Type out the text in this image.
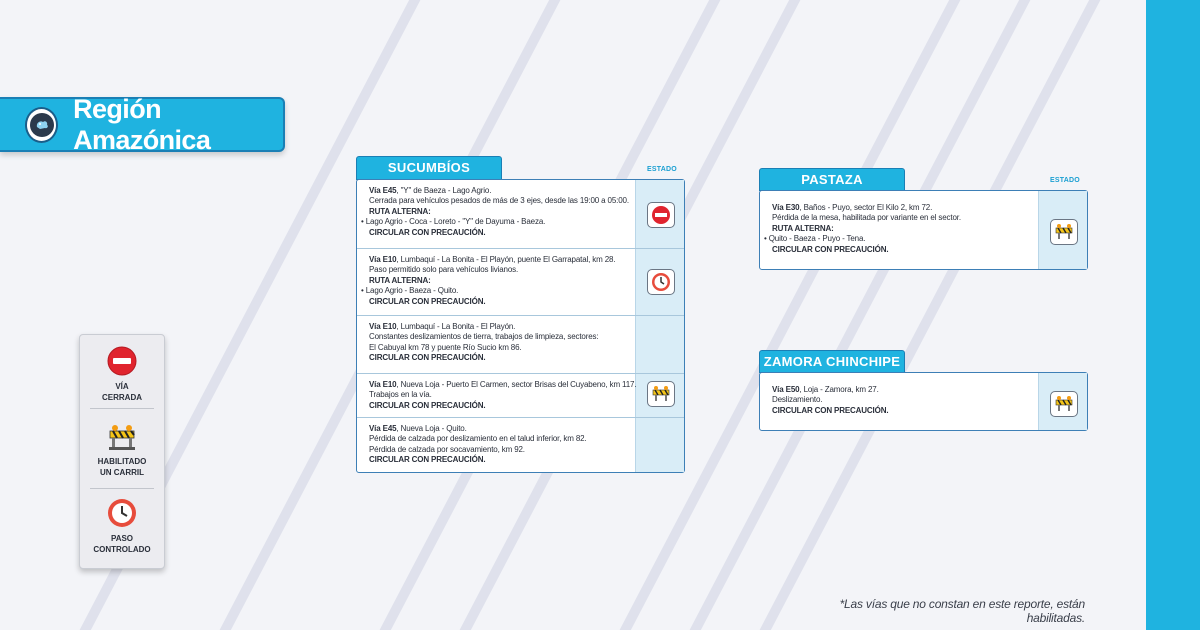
Región Amazónica
VÍA
CERRADA
HABILITADO
UN CARRIL
PASO
CONTROLADO
SUCUMBÍOS	ESTADO
Vía E45, "Y" de Baeza - Lago Agrio.
Cerrada para vehículos pesados de más de 3 ejes, desde las 19:00 a 05:00.
RUTA ALTERNA:
• Lago Agrio - Coca - Loreto - "Y" de Dayuma - Baeza.
CIRCULAR CON PRECAUCIÓN.
Vía E10, Lumbaquí - La Bonita - El Playón, puente El Garrapatal, km 28.
Paso permitido solo para vehículos livianos.
RUTA ALTERNA:
• Lago Agrio - Baeza - Quito.
CIRCULAR CON PRECAUCIÓN.
Vía E10, Lumbaquí - La Bonita - El Playón.
Constantes deslizamientos de tierra, trabajos de limpieza, sectores:
El Cabuyal km 78 y puente Río Sucio km 86.
CIRCULAR CON PRECAUCIÓN.
Vía E10, Nueva Loja - Puerto El Carmen, sector Brisas del Cuyabeno, km 117.
Trabajos en la vía.
CIRCULAR CON PRECAUCIÓN.
Vía E45, Nueva Loja - Quito.
Pérdida de calzada por deslizamiento en el talud inferior, km 82.
Pérdida de calzada por socavamiento, km 92.
CIRCULAR CON PRECAUCIÓN.
PASTAZA	ESTADO
Vía E30, Baños - Puyo, sector El Kilo 2, km 72.
Pérdida de la mesa, habilitada por variante en el sector.
RUTA ALTERNA:
• Quito - Baeza - Puyo - Tena.
CIRCULAR CON PRECAUCIÓN.
ZAMORA CHINCHIPE
Vía E50, Loja - Zamora, km 27.
Deslizamiento.
CIRCULAR CON PRECAUCIÓN.
*Las vías que no constan en este reporte, están habilitadas.
